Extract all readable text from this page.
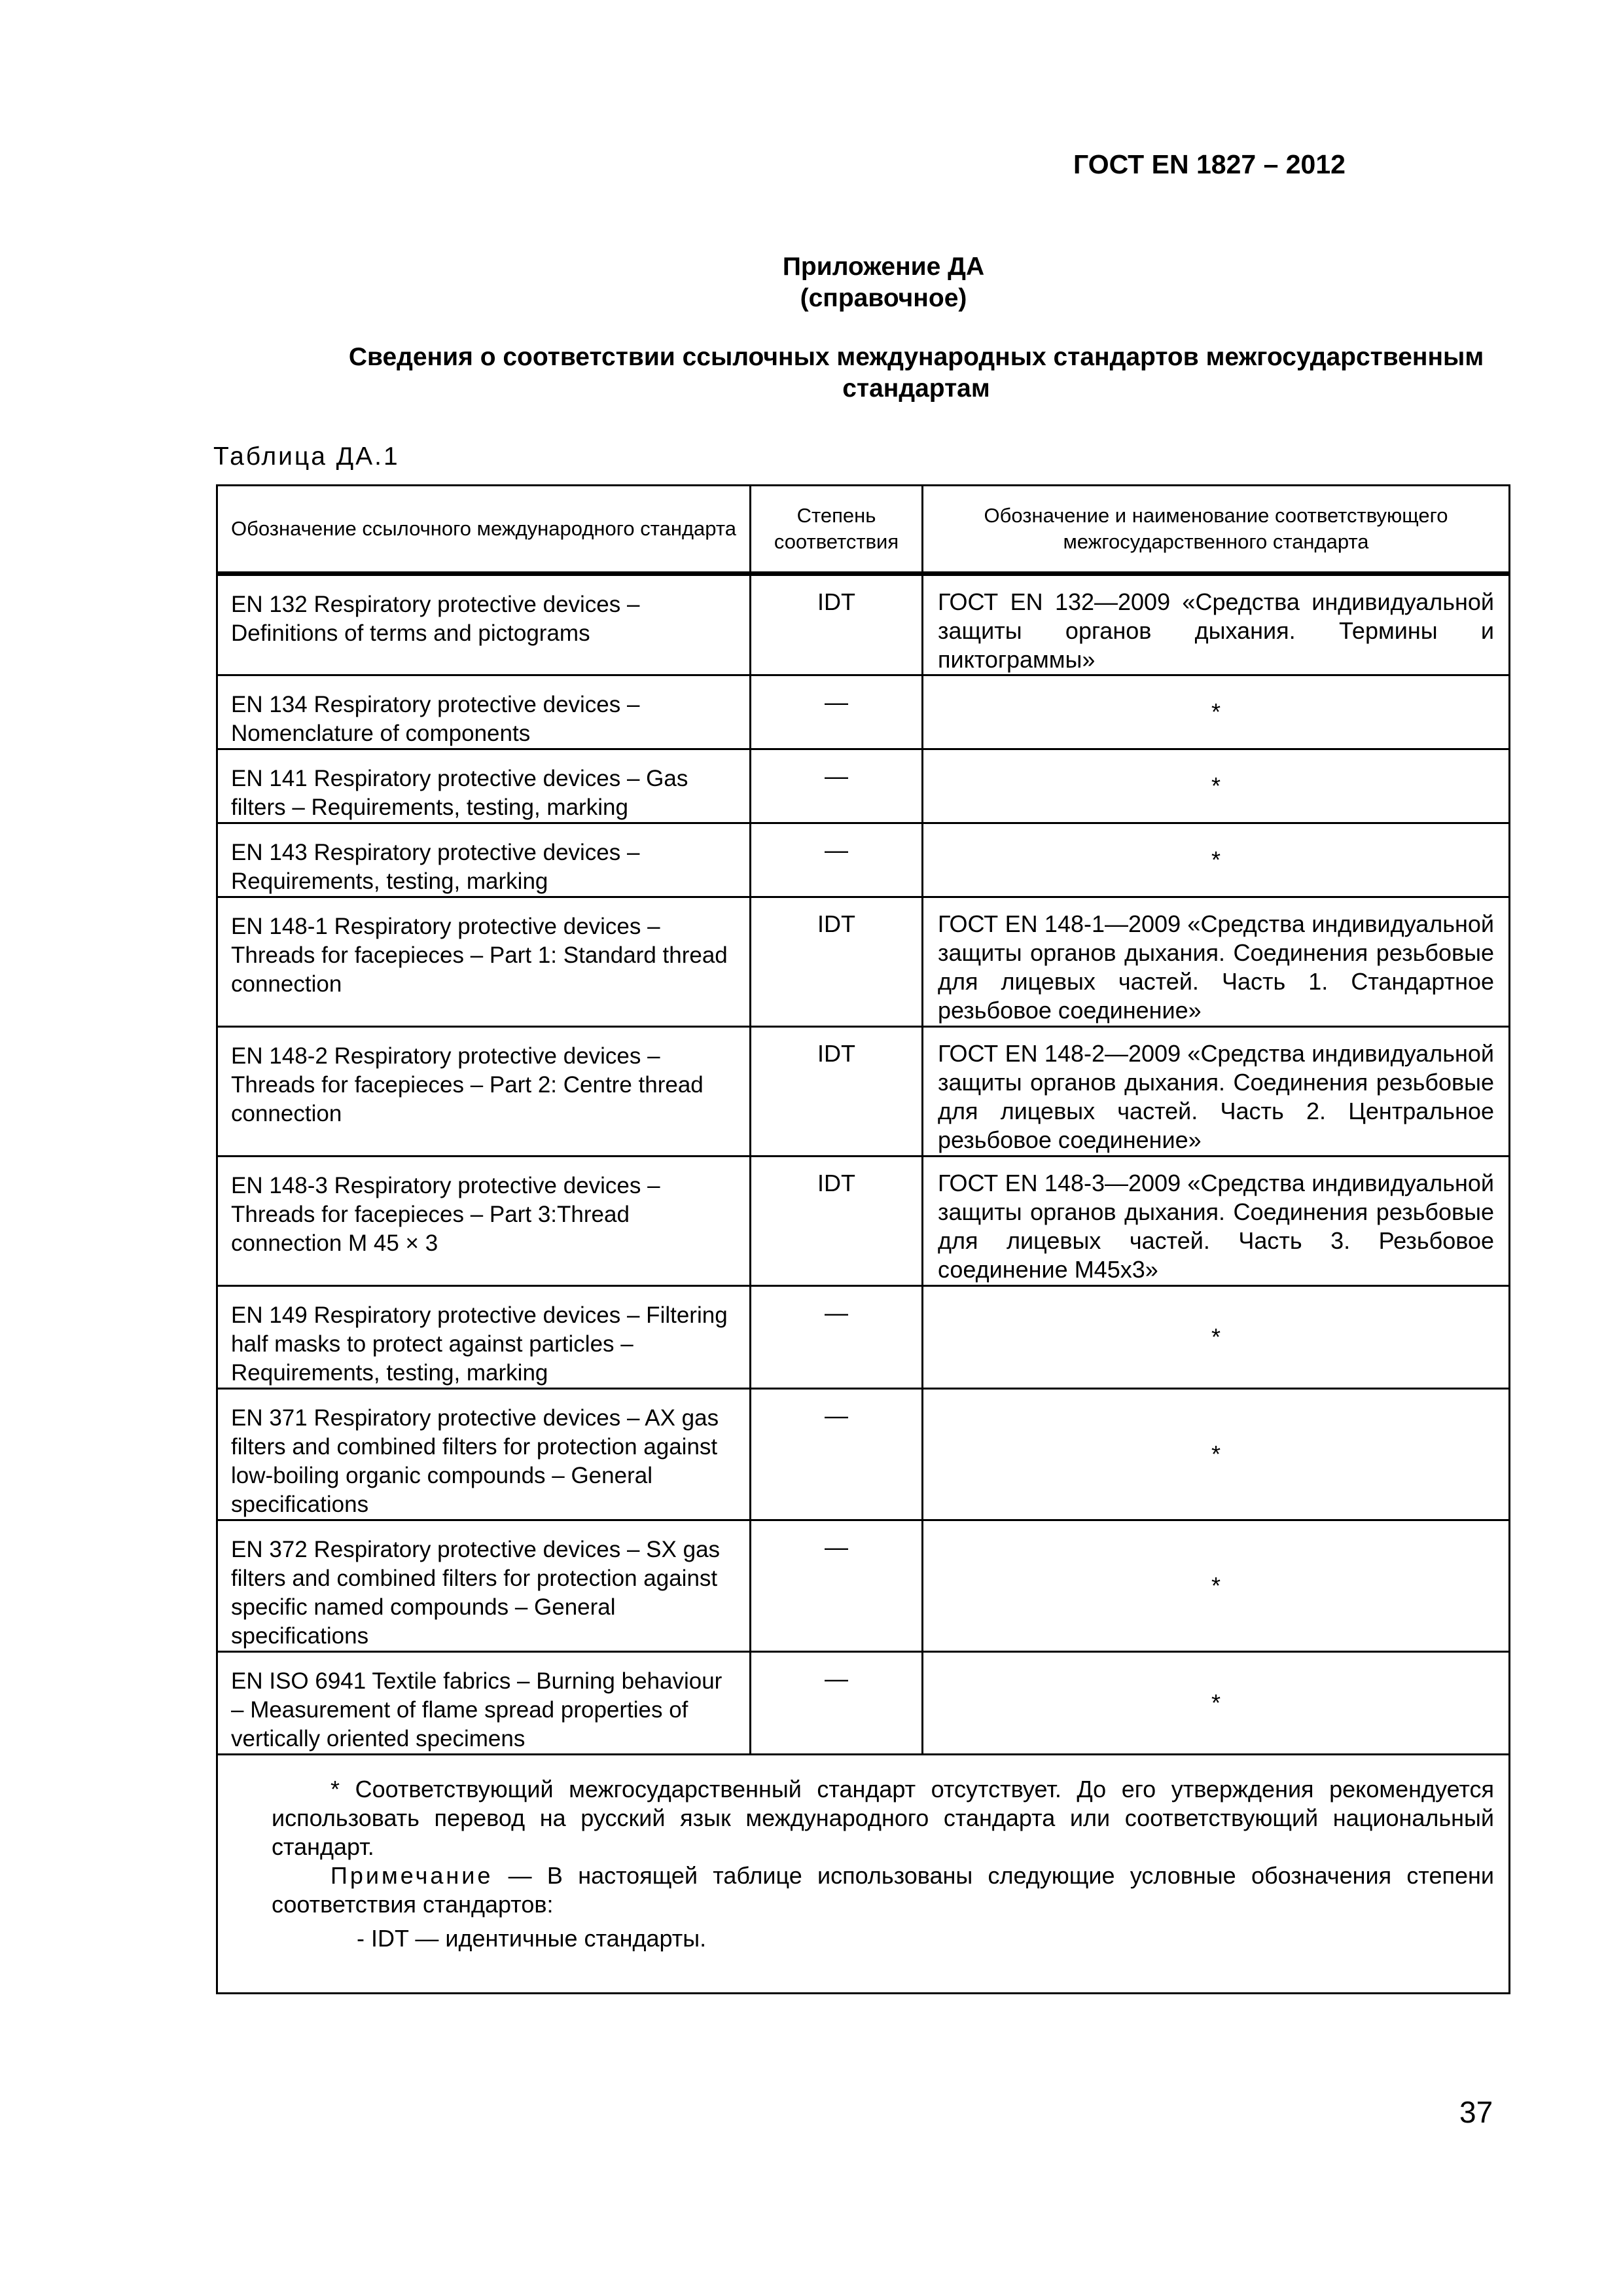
ГОСТ EN 1827 – 2012
Приложение ДА
(справочное)
Сведения о соответствии ссылочных международных стандартов межгосударственным стандартам
Таблица ДА.1
Обозначение ссылочного международного стандарта	Степень соответствия	Обозначение и наименование соответствующего межгосударственного стандарта

EN 132 Respiratory protective devices – Definitions of terms and pictograms	IDT	ГОСТ EN 132—2009 «Средства индивидуальной защиты органов дыхания. Термины и пиктограммы»
EN 134 Respiratory protective devices – Nomenclature of components	—	*
EN 141 Respiratory protective devices – Gas filters – Requirements, testing, marking	—	*
EN 143 Respiratory protective devices – Requirements, testing, marking	—	*
EN 148-1 Respiratory protective devices – Threads for facepieces – Part 1: Standard thread connection	IDT	ГОСТ EN 148-1—2009 «Средства индивидуальной защиты органов дыхания. Соединения резьбовые для лицевых частей. Часть 1. Стандартное резьбовое соединение»
EN 148-2 Respiratory protective devices – Threads for facepieces – Part 2: Centre thread connection	IDT	ГОСТ EN 148-2—2009 «Средства индивидуальной защиты органов дыхания. Соединения резьбовые для лицевых частей. Часть 2. Центральное резьбовое соединение»
EN 148-3 Respiratory protective devices – Threads for facepieces – Part 3:Thread connection M 45 × 3	IDT	ГОСТ EN 148-3—2009 «Средства индивидуальной защиты органов дыхания. Соединения резьбовые для лицевых частей. Часть 3. Резьбовое соединение M45x3»
EN 149 Respiratory protective devices – Filtering half masks to protect against particles – Requirements, testing, marking	—	*
EN 371 Respiratory protective devices – AX gas filters and combined filters for protection against low-boiling organic compounds – General specifications	—	*
EN 372 Respiratory protective devices – SX gas filters and combined filters for protection against specific named compounds – General specifications	—	*
EN ISO 6941 Textile fabrics – Burning behaviour – Measurement of flame spread properties of vertically oriented specimens	—	*

* Соответствующий межгосударственный стандарт отсутствует. До его утверждения рекомендуется использовать перевод на русский язык международного стандарта или соответствующий национальный стандарт.

Примечание — В настоящей таблице использованы следующие условные обозначения степени соответствия стандартов:

- IDT — идентичные стандарты.		
37
